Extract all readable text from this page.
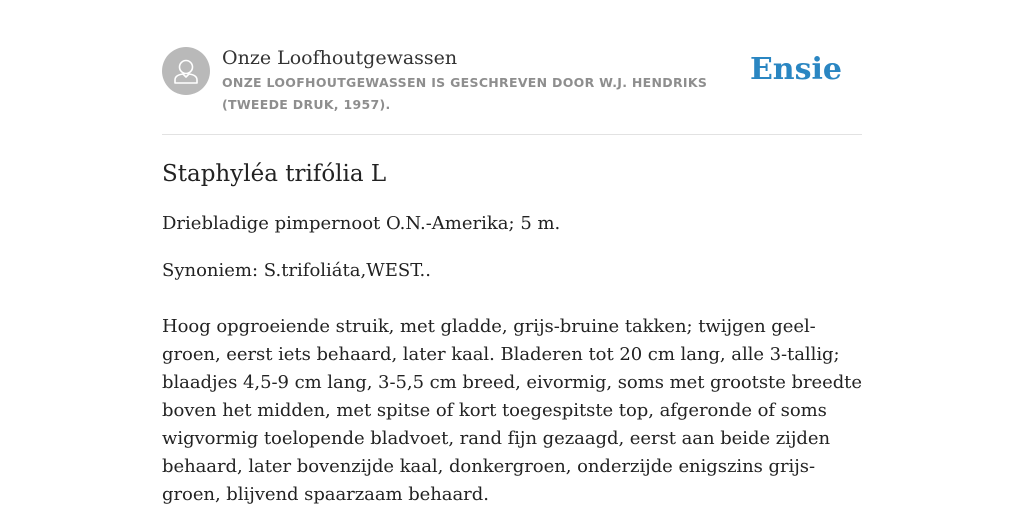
Onze Loofhoutgewassen
ONZE LOOFHOUTGEWASSEN IS GESCHREVEN DOOR W.J. HENDRIKS (TWEEDE DRUK, 1957).
Ensie
Staphyléa trifólia L

Driebladige pimpernoot O.N.-Amerika; 5 m.

Synoniem: S.trifoliáta,WEST..

Hoog opgroeiende struik, met gladde, grijs-bruine takken; twijgen geel-groen, eerst iets behaard, later kaal. Bladeren tot 20 cm lang, alle 3-tallig; blaadjes 4,5-9 cm lang, 3-5,5 cm breed, eivormig, soms met grootste breedte boven het midden, met spitse of kort toegespitste top, afgeronde of soms wigvormig toelopende bladvoet, rand fijn gezaagd, eerst aan beide zijden behaard, later bovenzijde kaal, donkergroen, onderzijde enigszins grijs-groen, blijvend spaarzaam behaard.
